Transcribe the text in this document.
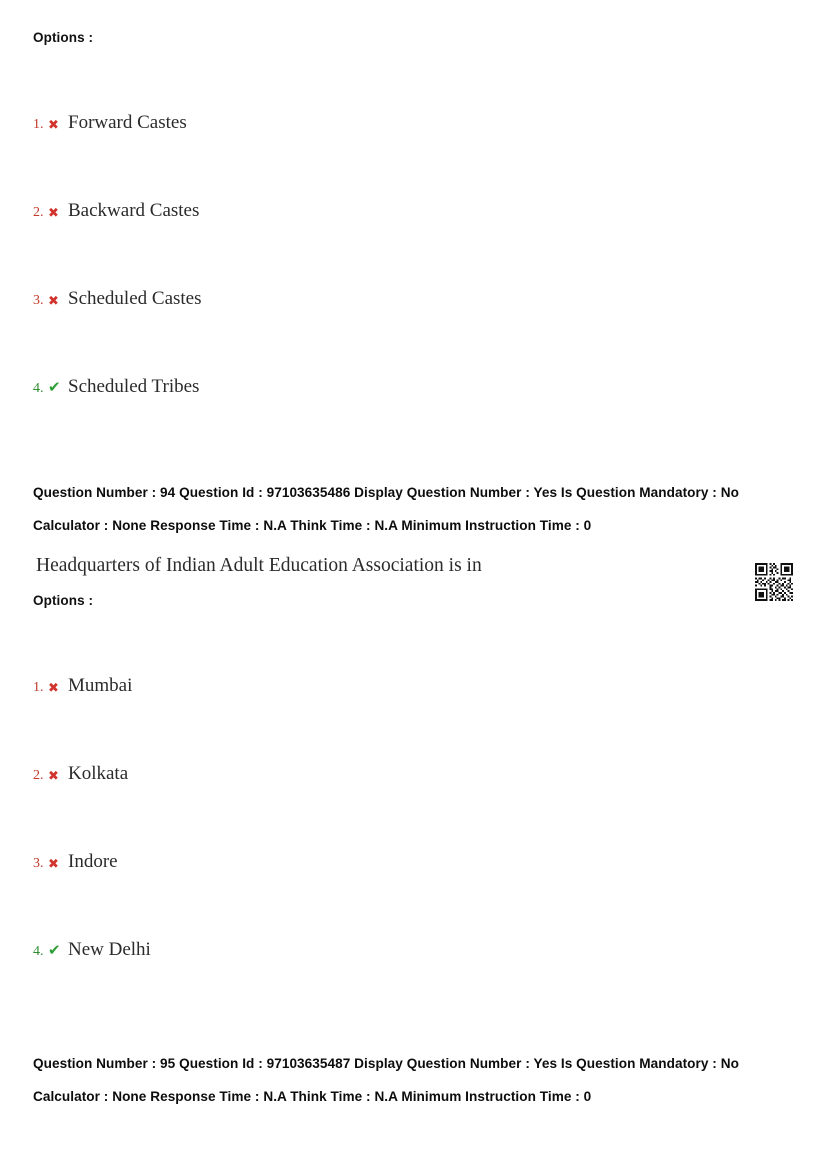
Options :
1. ✖ Forward Castes
2. ✖ Backward Castes
3. ✖ Scheduled Castes
4. ✔ Scheduled Tribes
Question Number : 94 Question Id : 97103635486 Display Question Number : Yes Is Question Mandatory : No Calculator : None Response Time : N.A Think Time : N.A Minimum Instruction Time : 0
Headquarters of Indian Adult Education Association is in
Options :
1. ✖ Mumbai
2. ✖ Kolkata
3. ✖ Indore
4. ✔ New Delhi
Question Number : 95 Question Id : 97103635487 Display Question Number : Yes Is Question Mandatory : No Calculator : None Response Time : N.A Think Time : N.A Minimum Instruction Time : 0
